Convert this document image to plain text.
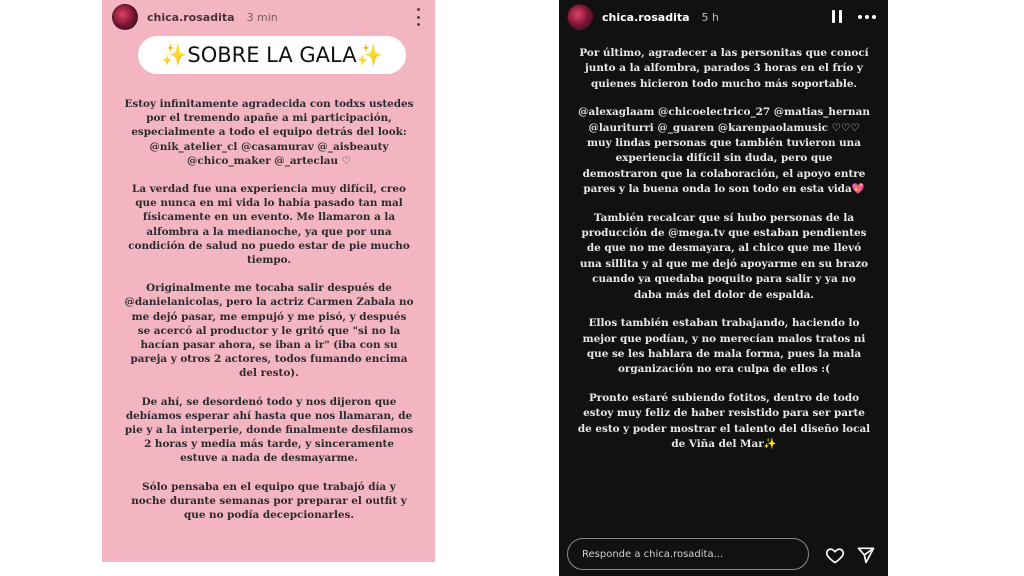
chica.rosadita 3 min
✨SOBRE LA GALA✨

Estoy infinitamente agradecida con todxs ustedes por el tremendo apañe a mi participación, especialmente a todo el equipo detrás del look: @nik_atelier_cl @casamurav @_aisbeauty @chico_maker @_arteclau ♡

La verdad fue una experiencia muy difícil, creo que nunca en mi vida lo había pasado tan mal físicamente en un evento. Me llamaron a la alfombra a la medianoche, ya que por una condición de salud no puedo estar de pie mucho tiempo.

Originalmente me tocaba salir después de @danielanicolas, pero la actriz Carmen Zabala no me dejó pasar, me empujó y me pisó, y después se acercó al productor y le gritó que "si no la hacían pasar ahora, se iban a ir" (iba con su pareja y otros 2 actores, todos fumando encima del resto).

De ahí, se desordenó todo y nos dijeron que debíamos esperar ahí hasta que nos llamaran, de pie y a la interperie, donde finalmente desfilamos 2 horas y media más tarde, y sinceramente estuve a nada de desmayarme.

Sólo pensaba en el equipo que trabajó día y noche durante semanas por preparar el outfit y que no podía decepcionarles.

chica.rosadita 5 h

Por último, agradecer a las personitas que conocí junto a la alfombra, parados 3 horas en el frío y quienes hicieron todo mucho más soportable.

@alexaglaam @chicoelectrico_27 @matias_hernan @lauriturri @_guaren @karenpaolamusic ♡♡♡ muy lindas personas que también tuvieron una experiencia difícil sin duda, pero que demostraron que la colaboración, el apoyo entre pares y la buena onda lo son todo en esta vida💖

También recalcar que sí hubo personas de la producción de @mega.tv que estaban pendientes de que no me desmayara, al chico que me llevó una sillita y al que me dejó apoyarme en su brazo cuando ya quedaba poquito para salir y ya no daba más del dolor de espalda.

Ellos también estaban trabajando, haciendo lo mejor que podían, y no merecían malos tratos ni que se les hablara de mala forma, pues la mala organización no era culpa de ellos :(

Pronto estaré subiendo fotitos, dentro de todo estoy muy feliz de haber resistido para ser parte de esto y poder mostrar el talento del diseño local de Viña del Mar✨

Responde a chica.rosadita...
